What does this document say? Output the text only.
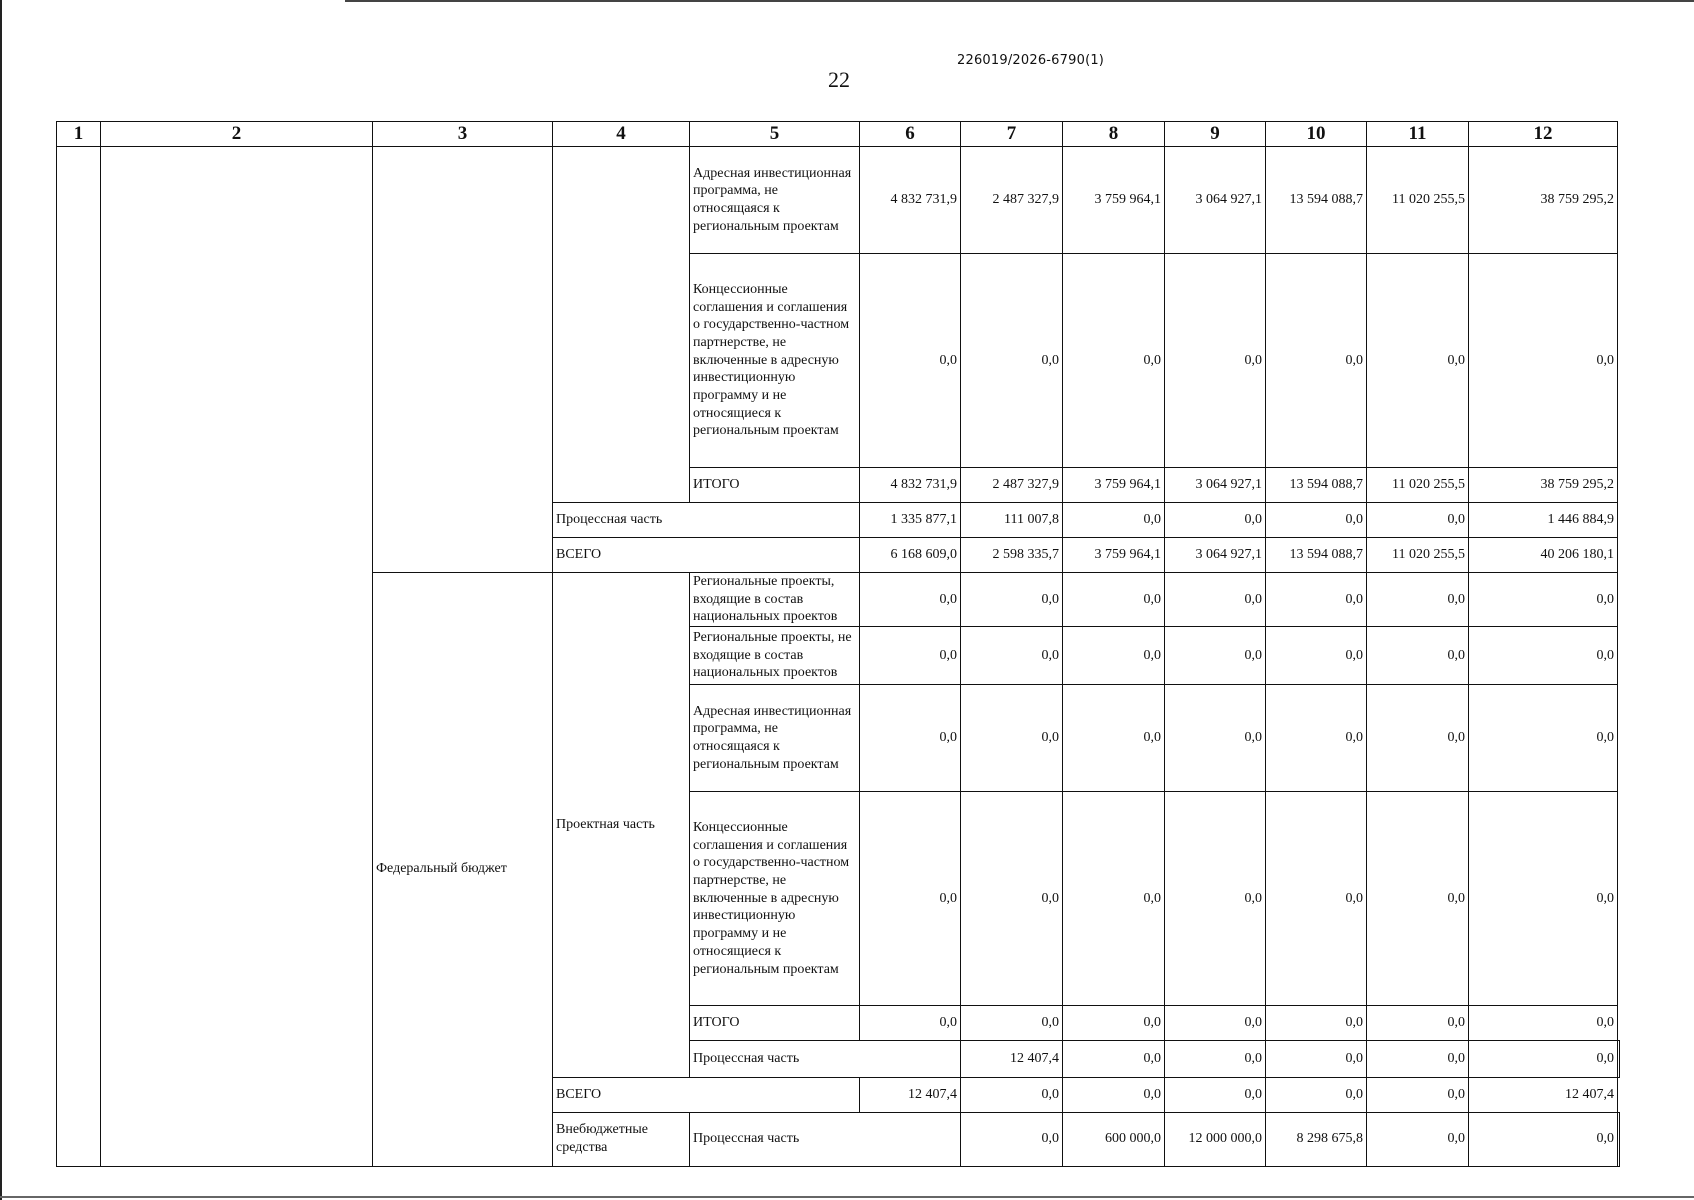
226019/2026-6790(1)
22
1	2	3	4	5	6	7	8	9	10	11	12	
				Адресная инвестиционная программа, не относящаяся к региональным проектам	4 832 731,9	2 487 327,9	3 759 964,1	3 064 927,1	13 594 088,7	11 020 255,5	38 759 295,2	
				Концессионные соглашения и соглашения о государственно-частном партнерстве, не включенные в адресную инвестиционную программу и не относящиеся к региональным проектам	0,0	0,0	0,0	0,0	0,0	0,0	0,0	
				ИТОГО	4 832 731,9	2 487 327,9	3 759 964,1	3 064 927,1	13 594 088,7	11 020 255,5	38 759 295,2	
			Процессная часть		1 335 877,1	111 007,8	0,0	0,0	0,0	0,0	1 446 884,9	
			ВСЕГО		6 168 609,0	2 598 335,7	3 759 964,1	3 064 927,1	13 594 088,7	11 020 255,5	40 206 180,1	
		Федеральный бюджет	Проектная часть	Региональные проекты, входящие в состав национальных проектов	0,0	0,0	0,0	0,0	0,0	0,0	0,0	
				Региональные проекты, не входящие в состав национальных проектов	0,0	0,0	0,0	0,0	0,0	0,0	0,0	
				Адресная инвестиционная программа, не относящаяся к региональным проектам	0,0	0,0	0,0	0,0	0,0	0,0	0,0	
				Концессионные соглашения и соглашения о государственно-частном партнерстве, не включенные в адресную инвестиционную программу и не относящиеся к региональным проектам	0,0	0,0	0,0	0,0	0,0	0,0	0,0	
				ИТОГО	0,0	0,0	0,0	0,0	0,0	0,0	0,0	
				Процессная часть		12 407,4	0,0	0,0	0,0	0,0	0,0	
			ВСЕГО		12 407,4	0,0	0,0	0,0	0,0	0,0	12 407,4	
			Внебюджетные средства	Процессная часть		0,0	600 000,0	12 000 000,0	8 298 675,8	0,0	0,0	
